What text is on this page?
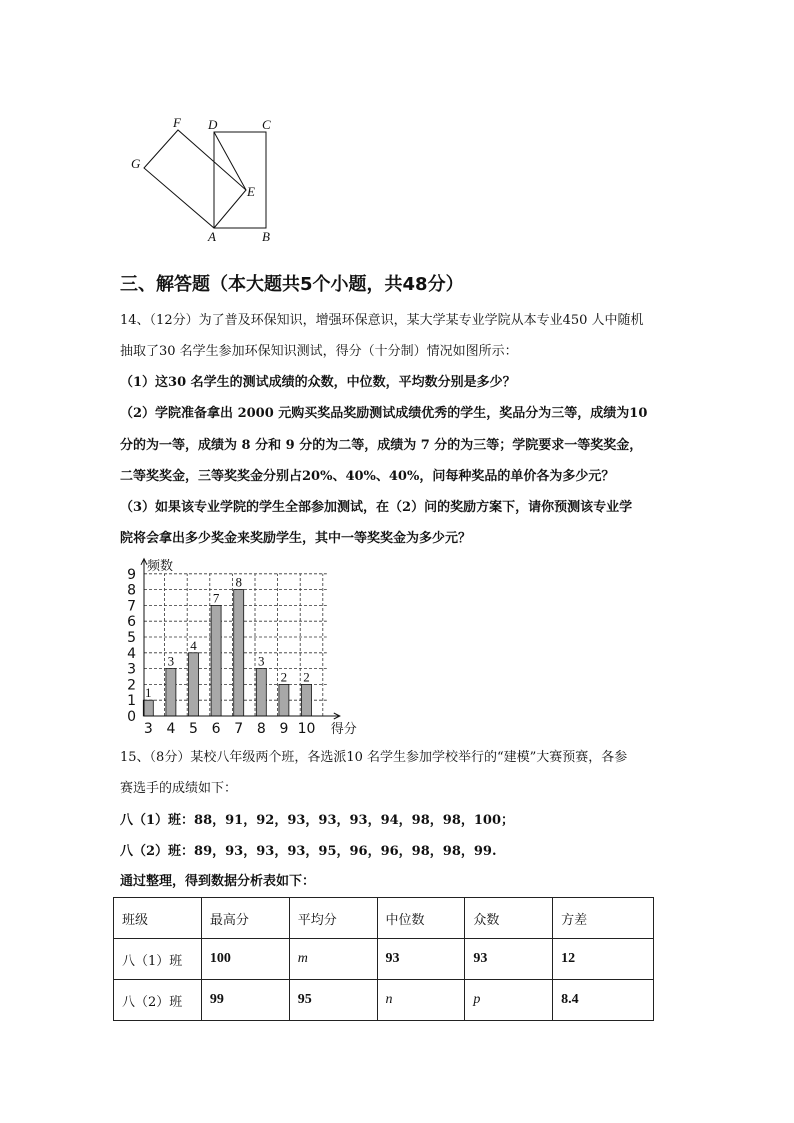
F D	C
G
E
A	B
三、解答题（本大题共5个小题，共48分）
14、（12分）为了普及环保知识，增强环保意识，某大学某专业学院从本专业450 人中随机
抽取了30 名学生参加环保知识测试，得分（十分制）情况如图所示：
（1）这30 名学生的测试成绩的众数，中位数，平均数分别是多少？
（2）学院准备拿出 2000 元购买奖品奖励测试成绩优秀的学生，奖品分为三等，成绩为10
分的为一等，成绩为 8 分和 9 分的为二等，成绩为 7 分的为三等；学院要求一等奖奖金，
二等奖奖金，三等奖奖金分别占20%、40%、40%，问每种奖品的单价各为多少元？
（3）如果该专业学院的学生全部参加测试，在（2）问的奖励方案下，请你预测该专业学
院将会拿出多少奖金来奖励学生，其中一等奖奖金为多少元？
1
3
3
4
4
5
7
6
8
7
3
8
2
9
2
10
0
1
2
3
4
5
6
7
8
9
频数
得分
15、（8分）某校八年级两个班，各选派10 名学生参加学校举行的“建模”大赛预赛，各参
赛选手的成绩如下：
八（1）班：88，91，92，93，93，93，94，98，98，100；
八（2）班：89，93，93，93，95，96，96，98，98，99.
通过整理，得到数据分析表如下：
班级	最高分	平均分	中位数	众数	方差
八（1）班	100	m	93	93	12
八（2）班	99	95	n	p	8.4
